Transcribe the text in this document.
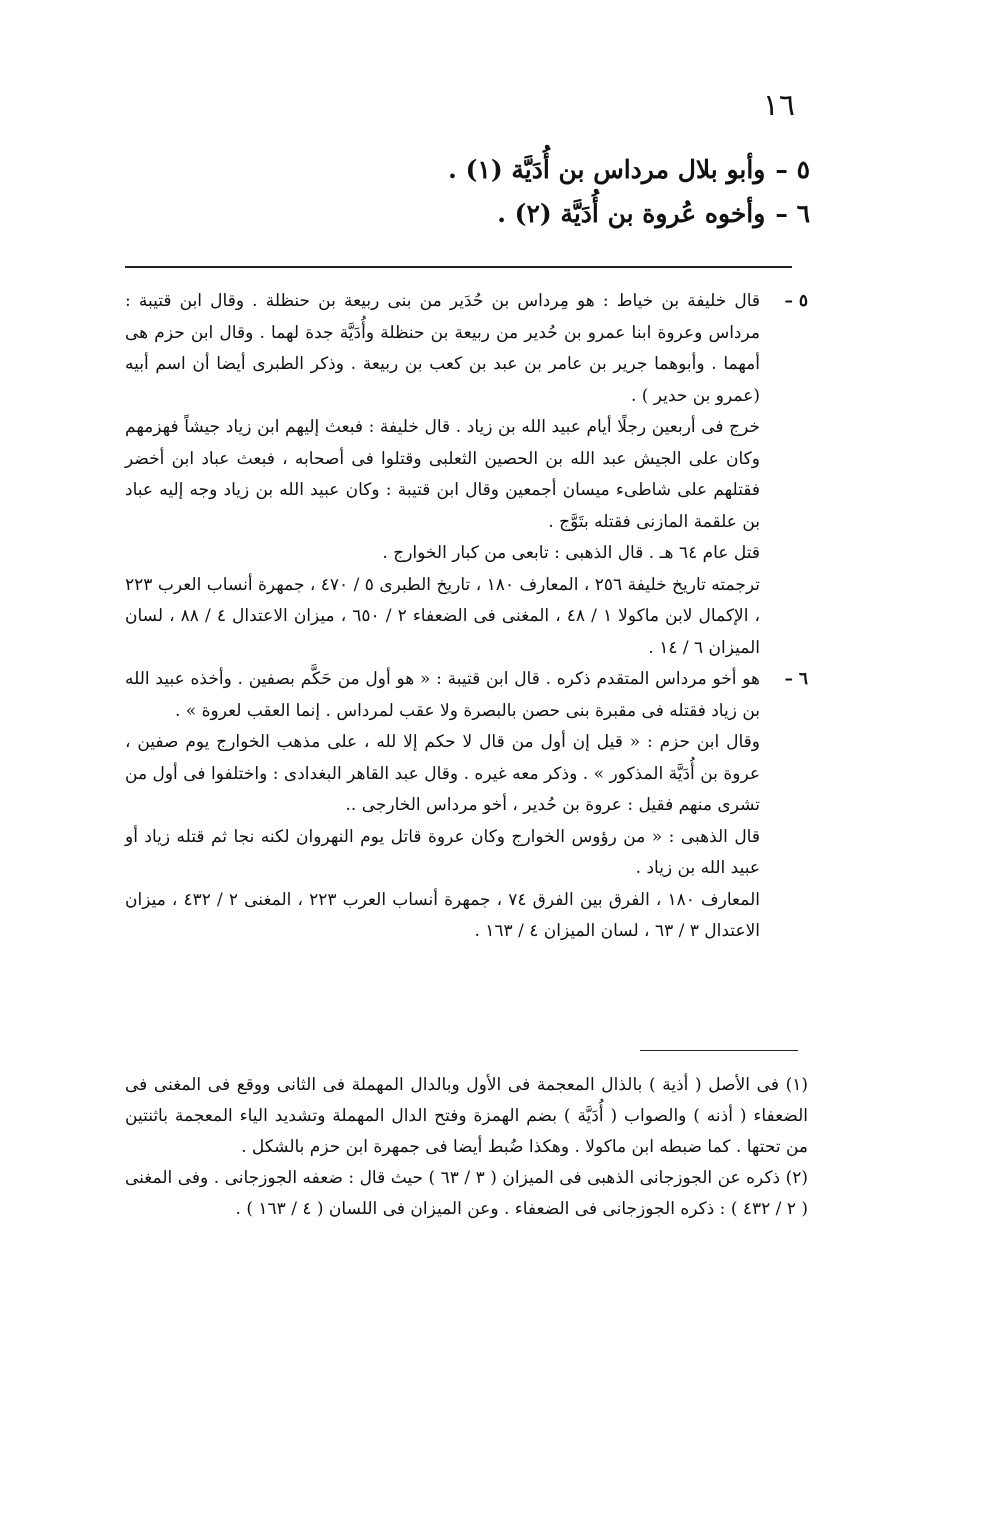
١٦
٥ –
وأبو بلال مرداس بن أُدَيَّة (١) .
٦ –
وأخوه عُروة بن أُدَيَّة (٢) .
٥ –

قال خليفة بن خياط : هو مِرداس بن حُدَير من بنى ربيعة بن حنظلة . وقال ابن قتيبة : مرداس وعروة ابنا عمرو بن حُدير من ربيعة بن حنظلة وأُدَيَّة جدة لهما . وقال ابن حزم هى أمهما . وأبوهما جرير بن عامر بن عبد بن كعب بن ربيعة . وذكر الطبرى أيضا أن اسم أبيه (عمرو بن حدير ) .

خرج فى أربعين رجلًا أيام عبيد الله بن زياد . قال خليفة : فبعث إليهم ابن زياد جيشاً فهزمهم وكان على الجيش عبد الله بن الحصين الثعلبى وقتلوا فى أصحابه ، فبعث عباد ابن أخضر فقتلهم على شاطىء ميسان أجمعين وقال ابن قتيبة : وكان عبيد الله بن زياد وجه إليه عباد بن علقمة المازنى فقتله بتَوَّج .

قتل عام ٦٤ هـ . قال الذهبى : تابعى من كبار الخوارج .

ترجمته تاريخ خليفة ٢٥٦ ، المعارف ١٨٠ ، تاريخ الطبرى ٥ / ٤٧٠ ، جمهرة أنساب العرب ٢٢٣ ، الإكمال لابن ماكولا ١ / ٤٨ ، المغنى فى الضعفاء ٢ / ٦٥٠ ، ميزان الاعتدال ٤ / ٨٨ ، لسان الميزان ٦ / ١٤ .

٦ –

هو أخو مرداس المتقدم ذكره . قال ابن قتيبة : « هو أول من حَكَّم بصفين . وأخذه عبيد الله بن زياد فقتله فى مقبرة بنى حصن بالبصرة ولا عقب لمرداس . إنما العقب لعروة » .

وقال ابن حزم : « قيل إن أول من قال لا حكم إلا لله ، على مذهب الخوارج يوم صفين ، عروة بن أُدَيَّة المذكور » . وذكر معه غيره . وقال عبد القاهر البغدادى : واختلفوا فى أول من تشرى منهم فقيل : عروة بن حُدير ، أخو مرداس الخارجى ..

قال الذهبى : « من رؤوس الخوارج وكان عروة قاتل يوم النهروان لكنه نجا ثم قتله زياد أو عبيد الله بن زياد .

المعارف ١٨٠ ، الفرق بين الفرق ٧٤ ، جمهرة أنساب العرب ٢٢٣ ، المغنى ٢ / ٤٣٢ ، ميزان الاعتدال ٣ / ٦٣ ، لسان الميزان ٤ / ١٦٣ .

(١) فى الأصل ( أذية ) بالذال المعجمة فى الأول وبالدال المهملة فى الثانى ووقع فى المغنى فى الضعفاء ( أذنه ) والصواب ( أُدَيَّة ) بضم الهمزة وفتح الدال المهملة وتشديد الياء المعجمة باثنتين من تحتها . كما ضبطه ابن ماكولا . وهكذا ضُبط أيضا فى جمهرة ابن حزم بالشكل .

(٢) ذكره عن الجوزجانى الذهبى فى الميزان ( ٣ / ٦٣ ) حيث قال : ضعفه الجوزجانى . وفى المغنى ( ٢ / ٤٣٢ ) : ذكره الجوزجانى فى الضعفاء . وعن الميزان فى اللسان ( ٤ / ١٦٣ ) .
